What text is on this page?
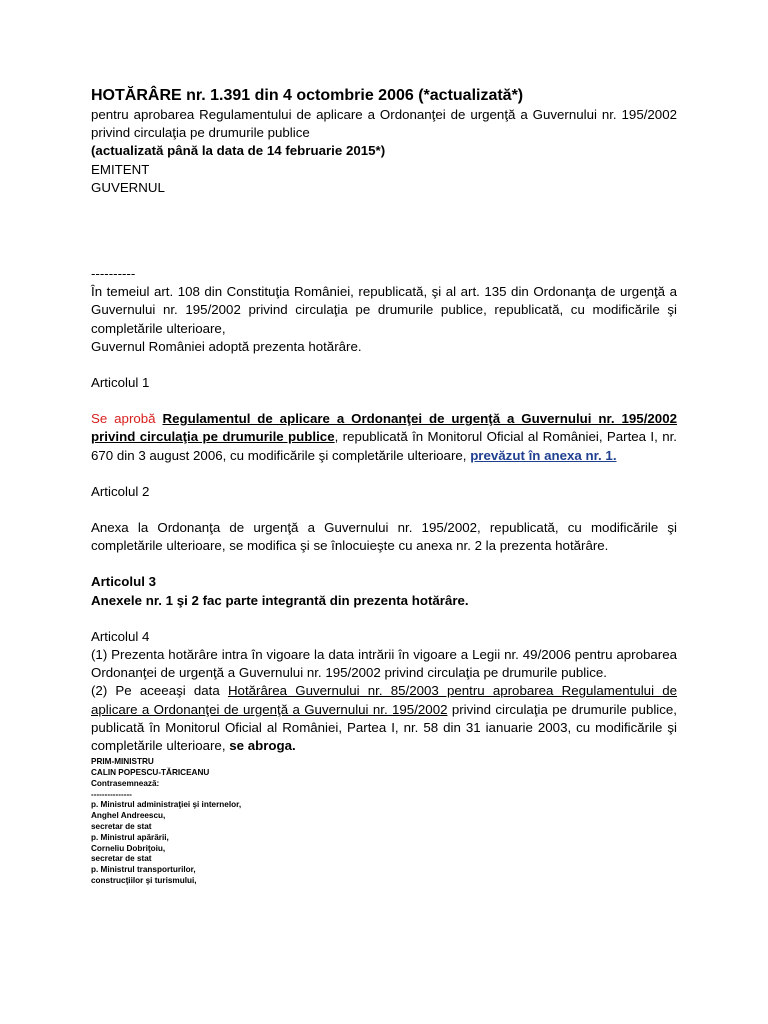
HOTĂRÂRE nr. 1.391 din 4 octombrie 2006 (*actualizată*)

pentru aprobarea Regulamentului de aplicare a Ordonanţei de urgenţă a Guvernului nr. 195/2002 privind circulaţia pe drumurile publice

(actualizată până la data de 14 februarie 2015*)

EMITENT

GUVERNUL

----------

În temeiul art. 108 din Constituţia României, republicată, şi al art. 135 din Ordonanţa de urgenţă a Guvernului nr. 195/2002 privind circulaţia pe drumurile publice, republicată, cu modificările şi completările ulterioare,

Guvernul României adoptă prezenta hotărâre.

Articolul 1

Se aprobă Regulamentul de aplicare a Ordonanţei de urgenţă a Guvernului nr. 195/2002 privind circulaţia pe drumurile publice, republicată în Monitorul Oficial al României, Partea I, nr. 670 din 3 august 2006, cu modificările şi completările ulterioare, prevăzut în anexa nr. 1.

Articolul 2

Anexa la Ordonanţa de urgenţă a Guvernului nr. 195/2002, republicată, cu modificările şi completările ulterioare, se modifica şi se înlocuieşte cu anexa nr. 2 la prezenta hotărâre.

Articolul 3

Anexele nr. 1 şi 2 fac parte integrantă din prezenta hotărâre.

Articolul 4

(1) Prezenta hotărâre intra în vigoare la data intrării în vigoare a Legii nr. 49/2006 pentru aprobarea Ordonanţei de urgenţă a Guvernului nr. 195/2002 privind circulaţia pe drumurile publice.

(2) Pe aceeaşi data Hotărârea Guvernului nr. 85/2003 pentru aprobarea Regulamentului de aplicare a Ordonanţei de urgenţă a Guvernului nr. 195/2002 privind circulaţia pe drumurile publice, publicată în Monitorul Oficial al României, Partea I, nr. 58 din 31 ianuarie 2003, cu modificările şi completările ulterioare, se abroga.

PRIM-MINISTRU
CALIN POPESCU-TĂRICEANU
Contrasemnează:
---------------
p. Ministrul administraţiei şi internelor,
Anghel Andreescu,
secretar de stat
p. Ministrul apărării,
Corneliu Dobriţoiu,
secretar de stat
p. Ministrul transporturilor,
construcţiilor şi turismului,
